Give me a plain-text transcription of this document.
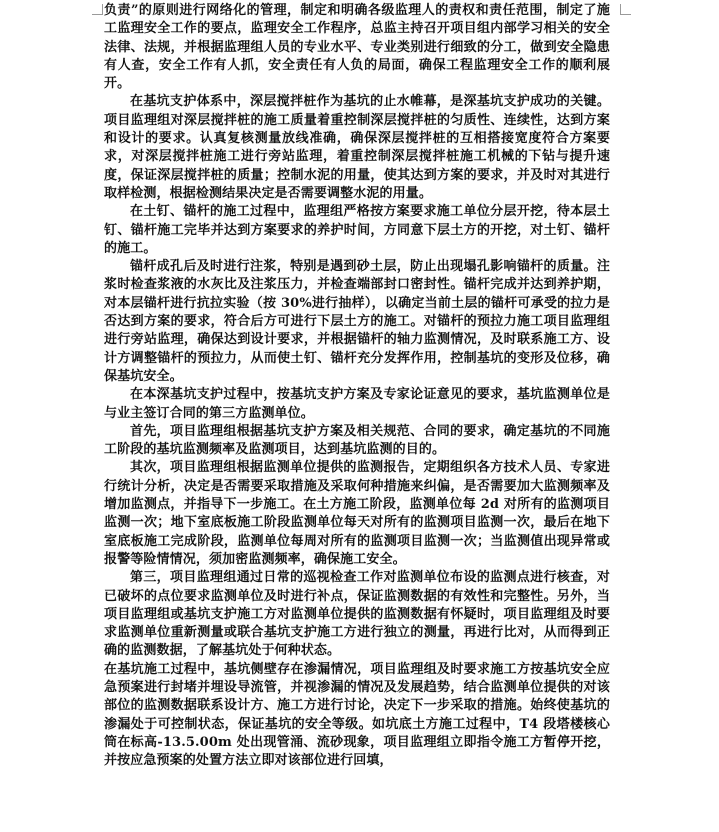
负责”的原则进行网络化的管理，制定和明确各级监理人的责权和责任范围，制定了施工监理安全工作的要点，监理安全工作程序，总监主持召开项目组内部学习相关的安全法律、法规，并根据监理组人员的专业水平、专业类别进行细致的分工，做到安全隐患有人查，安全工作有人抓，安全责任有人负的局面，确保工程监理安全工作的顺利展开。

在基坑支护体系中，深层搅拌桩作为基坑的止水帷幕，是深基坑支护成功的关键。项目监理组对深层搅拌桩的施工质量着重控制深层搅拌桩的匀质性、连续性，达到方案和设计的要求。认真复核测量放线准确，确保深层搅拌桩的互相搭接宽度符合方案要求，对深层搅拌桩施工进行旁站监理，着重控制深层搅拌桩施工机械的下钻与提升速度，保证深层搅拌桩的质量；控制水泥的用量，使其达到方案的要求，并及时对其进行取样检测，根据检测结果决定是否需要调整水泥的用量。

在土钉、锚杆的施工过程中，监理组严格按方案要求施工单位分层开挖，待本层土钉、锚杆施工完毕并达到方案要求的养护时间，方同意下层土方的开挖，对土钉、锚杆的施工。

锚杆成孔后及时进行注浆，特别是遇到砂土层，防止出现塌孔影响锚杆的质量。注浆时检查浆液的水灰比及注浆压力，并检查端部封口密封性。锚杆完成并达到养护期，对本层锚杆进行抗拉实验（按 30%进行抽样），以确定当前土层的锚杆可承受的拉力是否达到方案的要求，符合后方可进行下层土方的施工。对锚杆的预拉力施工项目监理组进行旁站监理，确保达到设计要求，并根据锚杆的轴力监测情况，及时联系施工方、设计方调整锚杆的预拉力，从而使土钉、锚杆充分发挥作用，控制基坑的变形及位移，确保基坑安全。

在本深基坑支护过程中，按基坑支护方案及专家论证意见的要求，基坑监测单位是与业主签订合同的第三方监测单位。

首先，项目监理组根据基坑支护方案及相关规范、合同的要求，确定基坑的不同施工阶段的基坑监测频率及监测项目，达到基坑监测的目的。

其次，项目监理组根据监测单位提供的监测报告，定期组织各方技术人员、专家进行统计分析，决定是否需要采取措施及采取何种措施来纠偏，是否需要加大监测频率及增加监测点，并指导下一步施工。在土方施工阶段，监测单位每 2d 对所有的监测项目监测一次；地下室底板施工阶段监测单位每天对所有的监测项目监测一次，最后在地下室底板施工完成阶段，监测单位每周对所有的监测项目监测一次；当监测值出现异常或报警等险情情况，须加密监测频率，确保施工安全。

第三，项目监理组通过日常的巡视检查工作对监测单位布设的监测点进行核查，对已破坏的点位要求监测单位及时进行补点，保证监测数据的有效性和完整性。另外，当项目监理组或基坑支护施工方对监测单位提供的监测数据有怀疑时，项目监理组及时要求监测单位重新测量或联合基坑支护施工方进行独立的测量，再进行比对，从而得到正确的监测数据，了解基坑处于何种状态。

在基坑施工过程中，基坑侧壁存在渗漏情况，项目监理组及时要求施工方按基坑安全应急预案进行封堵并埋设导流管，并视渗漏的情况及发展趋势，结合监测单位提供的对该部位的监测数据联系设计方、施工方进行讨论，决定下一步采取的措施。始终使基坑的渗漏处于可控制状态，保证基坑的安全等级。如坑底土方施工过程中，T4 段塔楼核心筒在标高-13.5.00m 处出现管涌、流砂现象，项目监理组立即指令施工方暂停开挖，并按应急预案的处置方法立即对该部位进行回填，
